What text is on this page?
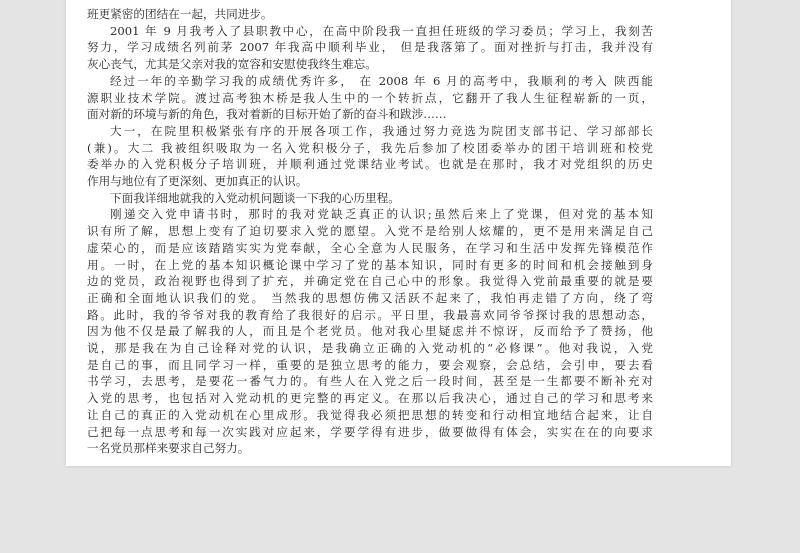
班更紧密的团结在一起，共同进步。
2001 年 9 月我考入了县职教中心，在高中阶段我一直担任班级的学习委员；学习上，我刻苦
努力，学习成绩名列前茅 2007 年我高中顺利毕业， 但是我落第了。面对挫折与打击，我并没有
灰心丧气，尤其是父亲对我的宽容和安慰使我终生难忘。
经过一年的辛勤学习我的成绩优秀许多， 在 2008 年 6 月的高考中，我顺利的考入 陕西能
源职业技术学院。渡过高考独木桥是我人生中的一个转折点，它翻开了我人生征程崭新的一页，
面对新的环境与新的角色，我对着新的目标开始了新的奋斗和跋涉……
大一，在院里积极紧张有序的开展各项工作，我通过努力竞选为院团支部书记、学习部部长
(兼)。大二 我被组织吸取为一名入党积极分子，我先后参加了校团委举办的团干培训班和校党
委举办的入党积极分子培训班，并顺利通过党课结业考试。也就是在那时，我才对党组织的历史
作用与地位有了更深刻、更加真正的认识。
下面我详细地就我的入党动机问题谈一下我的心历里程。
刚递交入党申请书时，那时的我对党缺乏真正的认识;虽然后来上了党课，但对党的基本知
识有所了解，思想上变有了迫切要求入党的愿望。入党不是给别人炫耀的，更不是用来满足自己
虚荣心的，而是应该踏踏实实为党奉献，全心全意为人民服务，在学习和生活中发挥先锋模范作
用。一时，在上党的基本知识概论课中学习了党的基本知识，同时有更多的时间和机会接触到身
边的党员，政治视野也得到了扩充，并确定党在自己心中的形象。我觉得入党前最重要的就是要
正确和全面地认识我们的党。 当然我的思想仿佛又活跃不起来了，我怕再走错了方向，绕了弯
路。此时，我的爷爷对我的教育给了我很好的启示。平日里，我最喜欢同爷爷探讨我的思想动态，
因为他不仅是最了解我的人，而且是个老党员。他对我心里疑虑并不惊讶，反而给予了赞扬，他
说，那是我在为自己诠释对党的认识，是我确立正确的入党动机的“必修课”。他对我说，入党
是自己的事，而且同学习一样，重要的是独立思考的能力，要会观察，会总结，会引申，要去看
书学习，去思考，是要花一番气力的。有些人在入党之后一段时间，甚至是一生都要不断补充对
入党的思考，也包括对入党动机的更完整的再定义。在那以后我决心，通过自己的学习和思考来
让自己的真正的入党动机在心里成形。我觉得我必须把思想的转变和行动相宜地结合起来，让自
己把每一点思考和每一次实践对应起来，学要学得有进步，做要做得有体会，实实在在的向要求
一名党员那样来要求自己努力。
